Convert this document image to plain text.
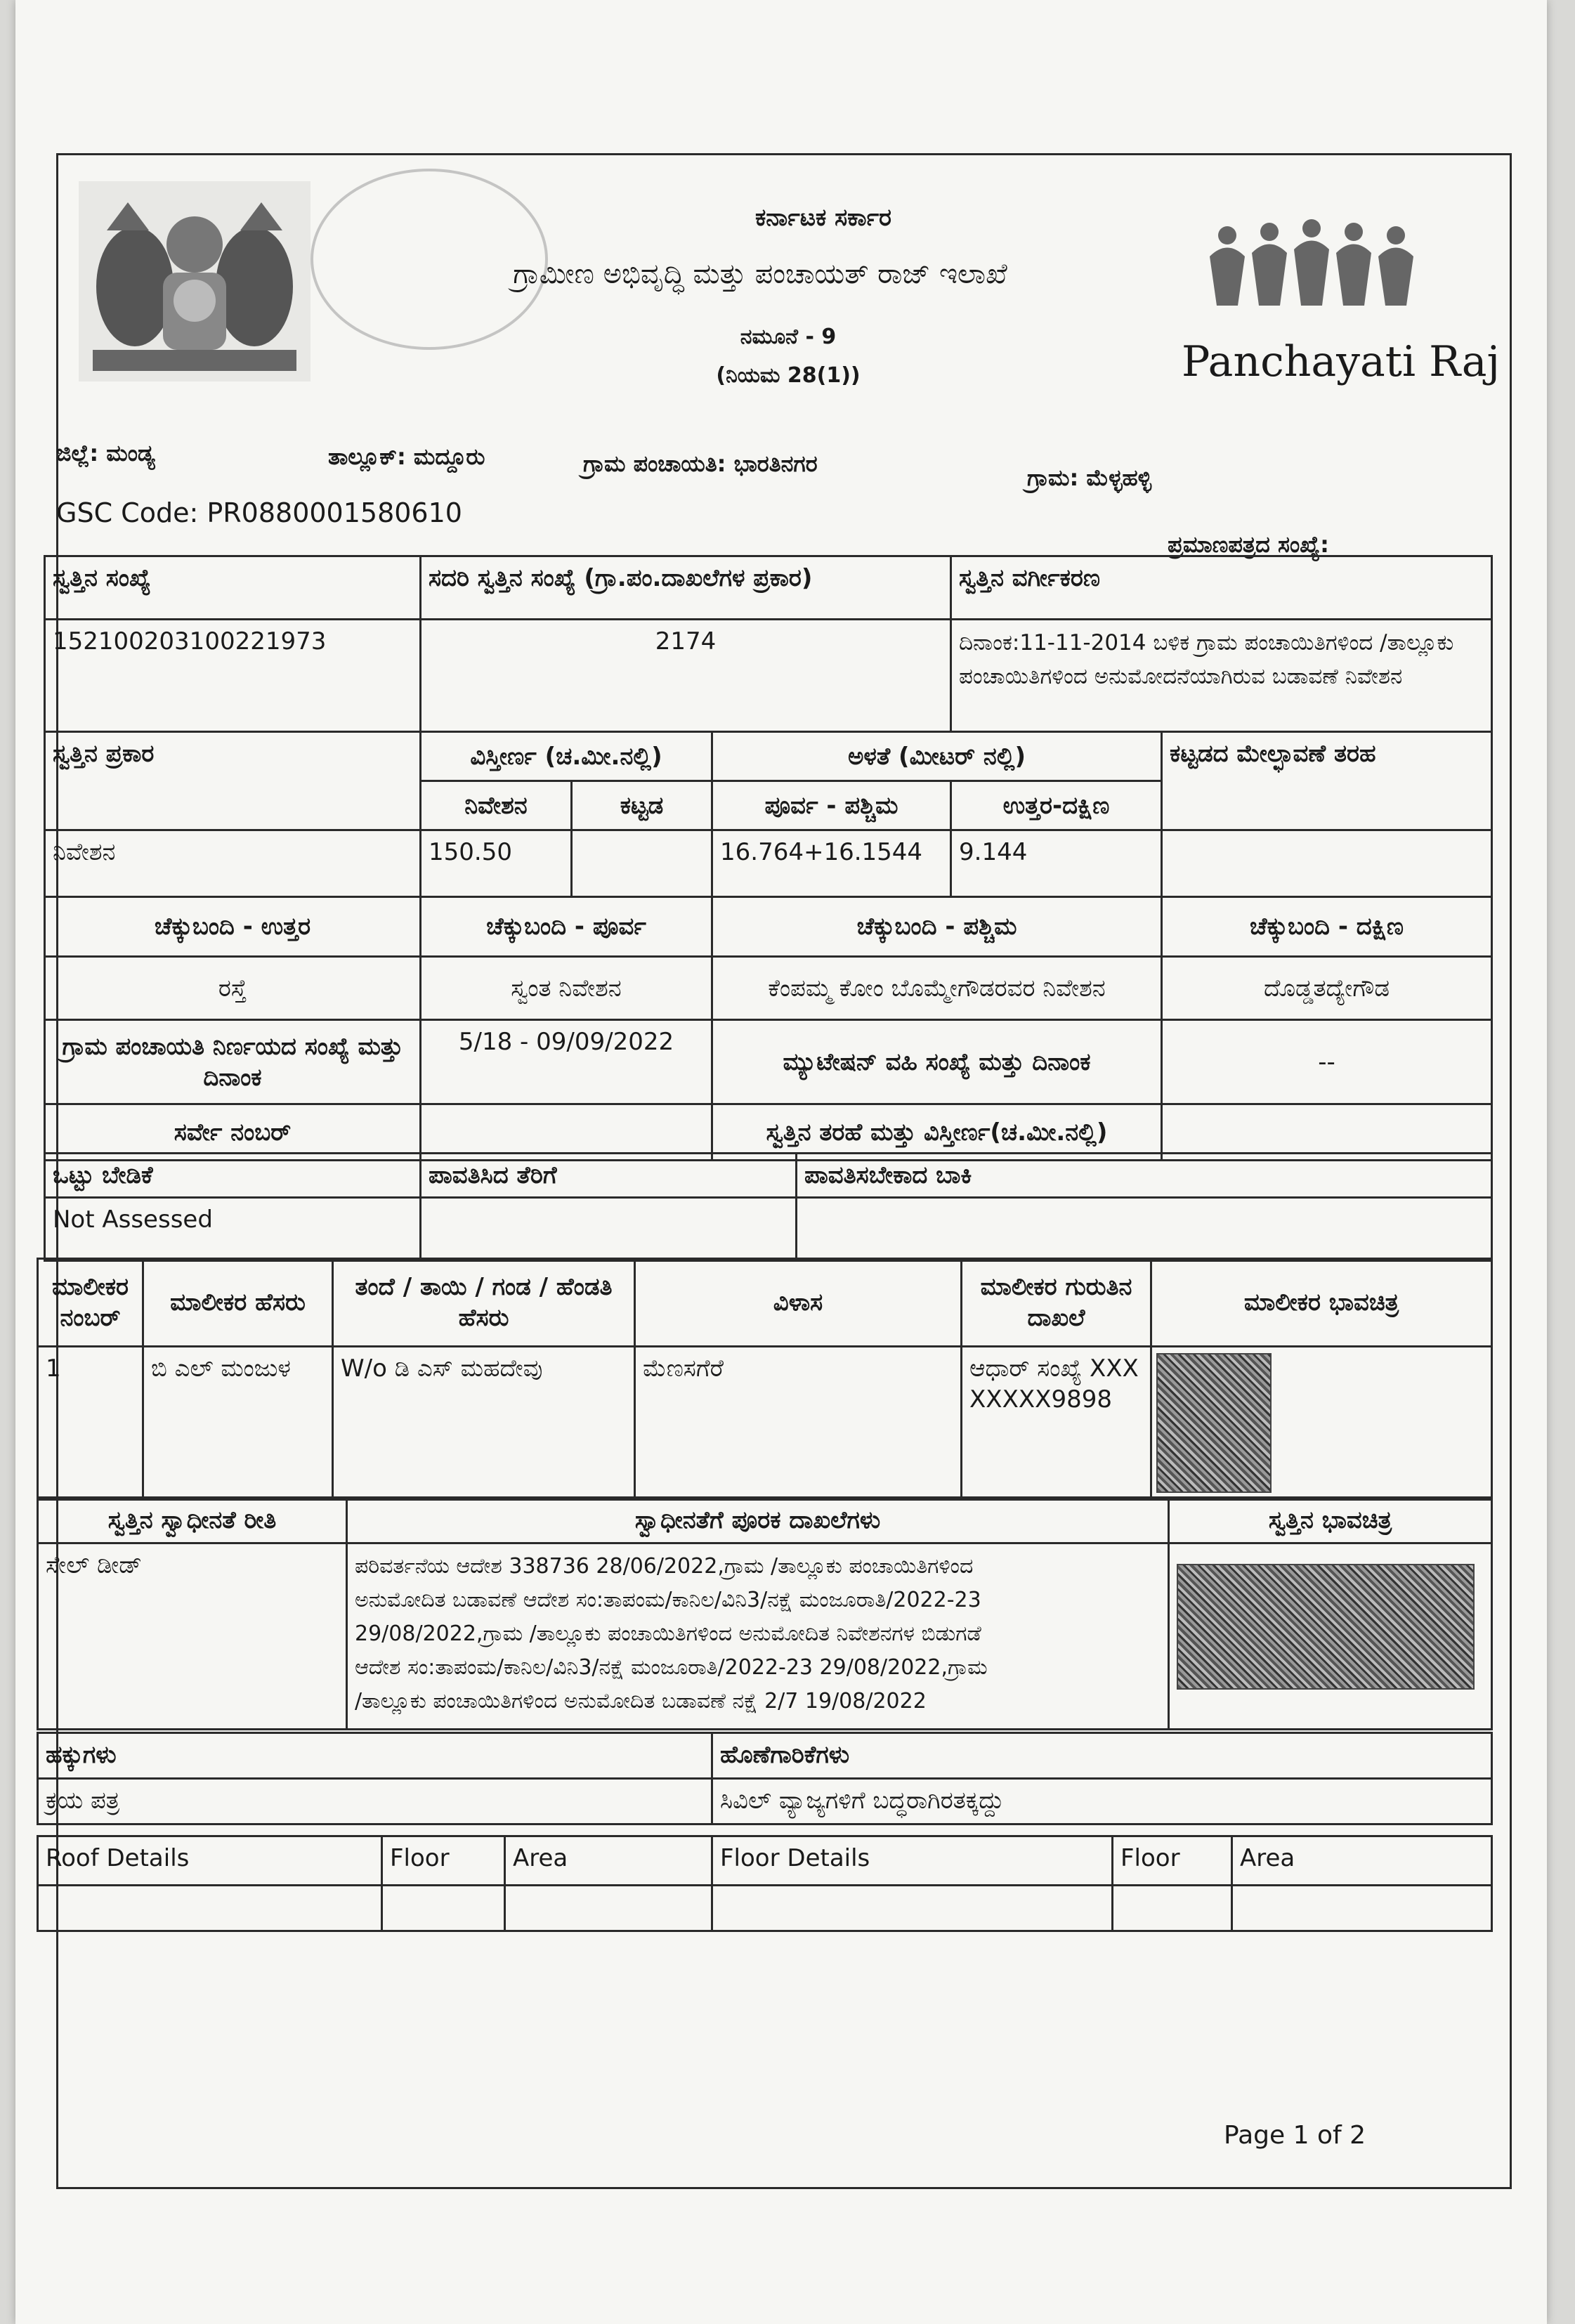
ಕರ್ನಾಟಕ ಸರ್ಕಾರ
ಗ್ರಾಮೀಣ ಅಭಿವೃದ್ಧಿ ಮತ್ತು ಪಂಚಾಯತ್ ರಾಜ್ ಇಲಾಖೆ
ನಮೂನೆ - 9
(ನಿಯಮ 28(1))	Panchayati Raj
ಜಿಲ್ಲೆ: ಮಂಡ್ಯ	ತಾಲ್ಲೂಕ್: ಮದ್ದೂರು	ಗ್ರಾಮ ಪಂಚಾಯತಿ: ಭಾರತಿನಗರ
ಗ್ರಾಮ: ಮೆಳ್ಳಹಳ್ಳಿ
GSC Code: PR0880001580610
ಪ್ರಮಾಣಪತ್ರದ ಸಂಖ್ಯೆ:
ಸ್ವತ್ತಿನ ಸಂಖ್ಯೆ	ಸದರಿ ಸ್ವತ್ತಿನ ಸಂಖ್ಯೆ (ಗ್ರಾ.ಪಂ.ದಾಖಲೆಗಳ ಪ್ರಕಾರ)			ಸ್ವತ್ತಿನ ವರ್ಗೀಕರಣ	
152100203100221973	2174			ದಿನಾಂಕ:11-11-2014 ಬಳಿಕ ಗ್ರಾಮ ಪಂಚಾಯಿತಿಗಳಿಂದ /ತಾಲ್ಲೂಕು ಪಂಚಾಯಿತಿಗಳಿಂದ ಅನುಮೋದನೆಯಾಗಿರುವ ಬಡಾವಣೆ ನಿವೇಶನ	
ಸ್ವತ್ತಿನ ಪ್ರಕಾರ	ವಿಸ್ತೀರ್ಣ (ಚ.ಮೀ.ನಲ್ಲಿ)		ಅಳತೆ (ಮೀಟರ್ ನಲ್ಲಿ)		ಕಟ್ಟಡದ ಮೇಲ್ಛಾವಣೆ ತರಹ
	ನಿವೇಶನ	ಕಟ್ಟಡ	ಪೂರ್ವ - ಪಶ್ಚಿಮ	ಉತ್ತರ-ದಕ್ಷಿಣ	
ನಿವೇಶನ	150.50		16.764+16.1544	9.144	
ಚೆಕ್ಕುಬಂದಿ - ಉತ್ತರ	ಚೆಕ್ಕುಬಂದಿ - ಪೂರ್ವ		ಚೆಕ್ಕುಬಂದಿ - ಪಶ್ಚಿಮ		ಚೆಕ್ಕುಬಂದಿ - ದಕ್ಷಿಣ
ರಸ್ತೆ	ಸ್ವಂತ ನಿವೇಶನ		ಕೆಂಪಮ್ಮ ಕೋಂ ಬೊಮ್ಮೇಗೌಡರವರ ನಿವೇಶನ		ದೊಡ್ಡತದ್ಯೇಗೌಡ
ಗ್ರಾಮ ಪಂಚಾಯತಿ ನಿರ್ಣಯದ ಸಂಖ್ಯೆ ಮತ್ತು ದಿನಾಂಕ	5/18 - 09/09/2022		ಮ್ಯುಟೇಷನ್ ವಹಿ ಸಂಖ್ಯೆ ಮತ್ತು ದಿನಾಂಕ		--
ಸರ್ವೇ ನಂಬರ್			ಸ್ವತ್ತಿನ ತರಹೆ ಮತ್ತು ವಿಸ್ತೀರ್ಣ(ಚ.ಮೀ.ನಲ್ಲಿ)		
ಒಟ್ಟು ಬೇಡಿಕೆ	ಪಾವತಿಸಿದ ತೆರಿಗೆ	ಪಾವತಿಸಬೇಕಾದ ಬಾಕಿ
Not Assessed		
ಮಾಲೀಕರ ನಂಬರ್	ಮಾಲೀಕರ ಹೆಸರು	ತಂದೆ / ತಾಯಿ / ಗಂಡ / ಹೆಂಡತಿ ಹೆಸರು	ವಿಳಾಸ	ಮಾಲೀಕರ ಗುರುತಿನ ದಾಖಲೆ	ಮಾಲೀಕರ ಭಾವಚಿತ್ರ
1	ಬಿ ಎಲ್ ಮಂಜುಳ	W/o ಡಿ ಎಸ್ ಮಹದೇವು	ಮೆಣಸಗೆರೆ	ಆಧಾರ್ ಸಂಖ್ಯೆ XXXXXXXX9898	
ಸ್ವತ್ತಿನ ಸ್ವಾಧೀನತೆ ರೀತಿ	ಸ್ವಾಧೀನತೆಗೆ ಪೂರಕ ದಾಖಲೆಗಳು	ಸ್ವತ್ತಿನ ಭಾವಚಿತ್ರ
ಸೇಲ್ ಡೀಡ್	ಪರಿವರ್ತನೆಯ ಆದೇಶ 338736 28/06/2022,ಗ್ರಾಮ /ತಾಲ್ಲೂಕು ಪಂಚಾಯಿತಿಗಳಿಂದ
ಅನುಮೋದಿತ ಬಡಾವಣೆ ಆದೇಶ ಸಂ:ತಾಪಂಮ/ಕಾನಿಲ/ವಿನಿ3/ನಕ್ಷೆ ಮಂಜೂರಾತಿ/2022-23
29/08/2022,ಗ್ರಾಮ /ತಾಲ್ಲೂಕು ಪಂಚಾಯಿತಿಗಳಿಂದ ಅನುಮೋದಿತ ನಿವೇಶನಗಳ ಬಿಡುಗಡೆ
ಆದೇಶ ಸಂ:ತಾಪಂಮ/ಕಾನಿಲ/ವಿನಿ3/ನಕ್ಷೆ ಮಂಜೂರಾತಿ/2022-23 29/08/2022,ಗ್ರಾಮ
/ತಾಲ್ಲೂಕು ಪಂಚಾಯಿತಿಗಳಿಂದ ಅನುಮೋದಿತ ಬಡಾವಣೆ ನಕ್ಷೆ 2/7 19/08/2022	

ಹಕ್ಕುಗಳು	ಹೊಣೆಗಾರಿಕೆಗಳು
ಕ್ರಯ ಪತ್ರ	ಸಿವಿಲ್ ವ್ಯಾಜ್ಯಗಳಿಗೆ ಬದ್ಧರಾಗಿರತಕ್ಕದ್ದು
Roof Details	Floor	Area	Floor Details	Floor	Area

Page 1 of 2
